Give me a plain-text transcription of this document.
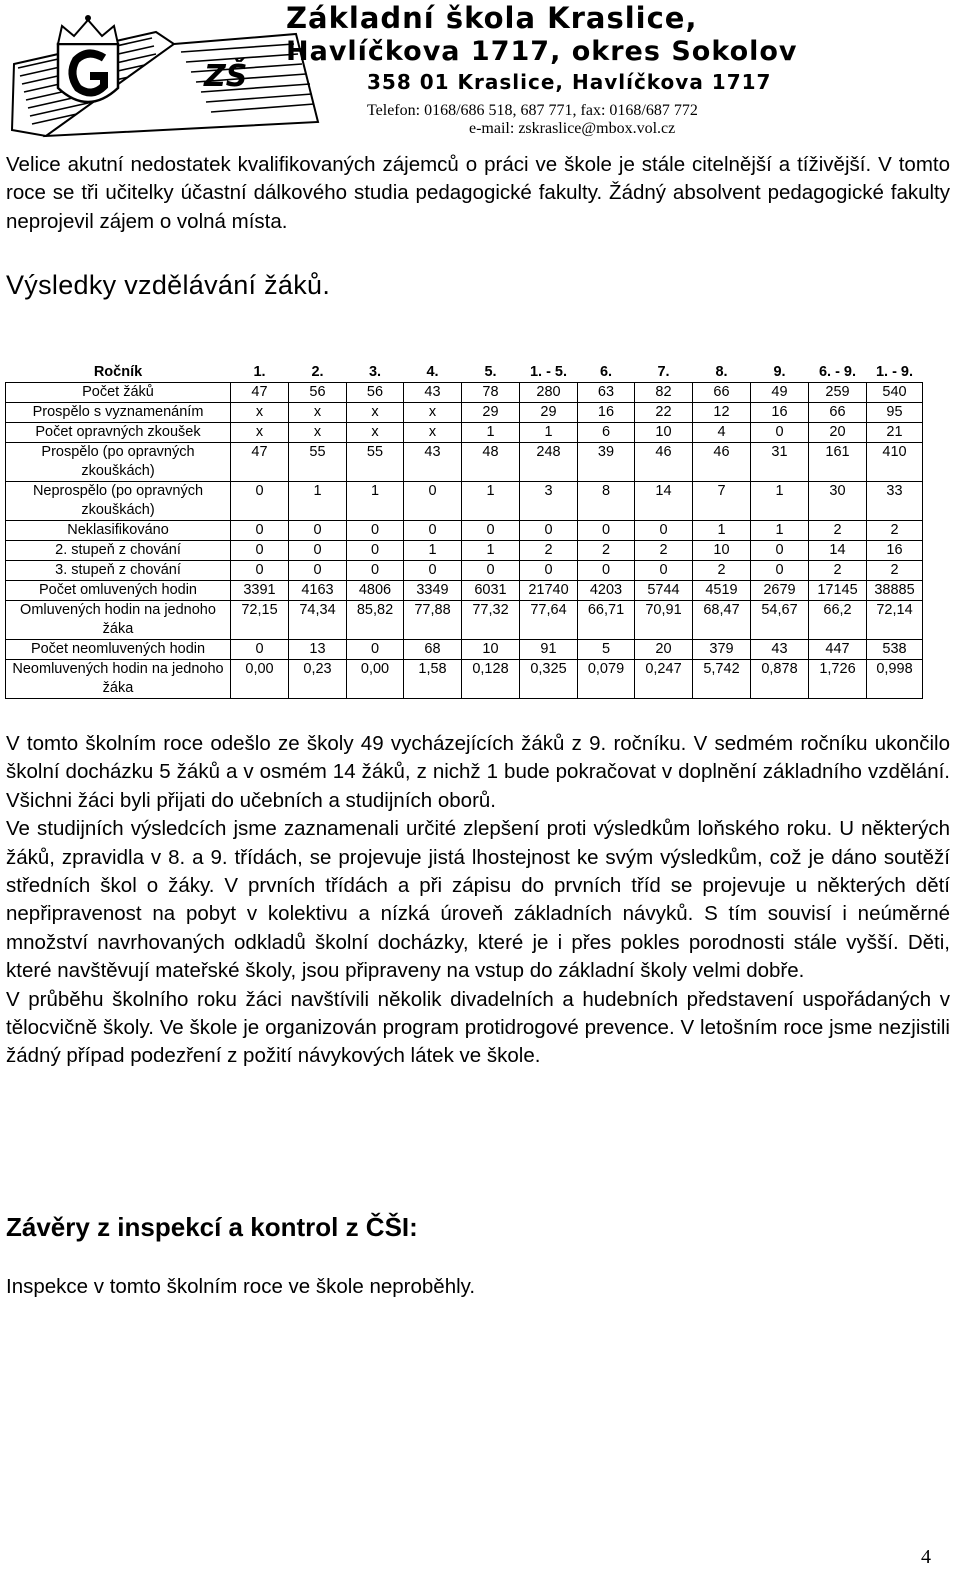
ZŠ
Základní škola Kraslice,
Havlíčkova 1717, okres Sokolov
358 01 Kraslice, Havlíčkova 1717
Telefon: 0168/686 518, 687 771, fax: 0168/687 772
e-mail: zskraslice@mbox.vol.cz

Velice akutní nedostatek kvalifikovaných zájemců o práci ve škole je stále citelnější a tíživější. V tomto roce se tři učitelky účastní dálkového studia pedagogické fakulty. Žádný absolvent pedagogické fakulty neprojevil zájem o volná místa.

Výsledky vzdělávání žáků.
Ročník	1.	2.	3.	4.	5.	1. - 5.	6.	7.	8.	9.	6. - 9.	1. - 9.
Počet žáků	47	56	56	43	78	280	63	82	66	49	259	540
Prospělo s vyznamenáním	x	x	x	x	29	29	16	22	12	16	66	95
Počet opravných zkoušek	x	x	x	x	1	1	6	10	4	0	20	21
Prospělo (po opravných zkouškách)	47	55	55	43	48	248	39	46	46	31	161	410
Neprospělo (po opravných zkouškách)	0	1	1	0	1	3	8	14	7	1	30	33
Neklasifikováno	0	0	0	0	0	0	0	0	1	1	2	2
2. stupeň z chování	0	0	0	1	1	2	2	2	10	0	14	16
3. stupeň z chování	0	0	0	0	0	0	0	0	2	0	2	2
Počet omluvených hodin	3391	4163	4806	3349	6031	21740	4203	5744	4519	2679	17145	38885
Omluvených hodin na jednoho žáka	72,15	74,34	85,82	77,88	77,32	77,64	66,71	70,91	68,47	54,67	66,2	72,14
Počet neomluvených hodin	0	13	0	68	10	91	5	20	379	43	447	538
Neomluvených hodin na jednoho žáka	0,00	0,23	0,00	1,58	0,128	0,325	0,079	0,247	5,742	0,878	1,726	0,998
V tomto školním roce odešlo ze školy 49 vycházejících žáků z 9. ročníku. V sedmém ročníku ukončilo školní docházku 5 žáků a v osmém 14 žáků, z nichž 1 bude pokračovat v doplnění základního vzdělání. Všichni žáci byli přijati do učebních a studijních oborů.
Ve studijních výsledcích jsme zaznamenali určité zlepšení proti výsledkům loňského roku. U některých žáků, zpravidla v 8. a 9. třídách, se projevuje jistá lhostejnost ke svým výsledkům, což je dáno soutěží středních škol o žáky. V prvních třídách a při zápisu do prvních tříd se projevuje u některých dětí nepřipravenost na pobyt v kolektivu a nízká úroveň základních návyků. S tím souvisí i neúměrné množství navrhovaných odkladů školní docházky, které je i přes pokles porodnosti stále vyšší. Děti, které navštěvují mateřské školy, jsou připraveny na vstup do základní školy velmi dobře.
V průběhu školního roku žáci navštívili několik divadelních a hudebních představení uspořádaných v tělocvičně školy. Ve škole je organizován program protidrogové prevence. V letošním roce jsme nezjistili žádný případ podezření z požití návykových látek ve škole.
Závěry z inspekcí a kontrol z ČŠI:

Inspekce v tomto školním roce ve škole neproběhly.

4
